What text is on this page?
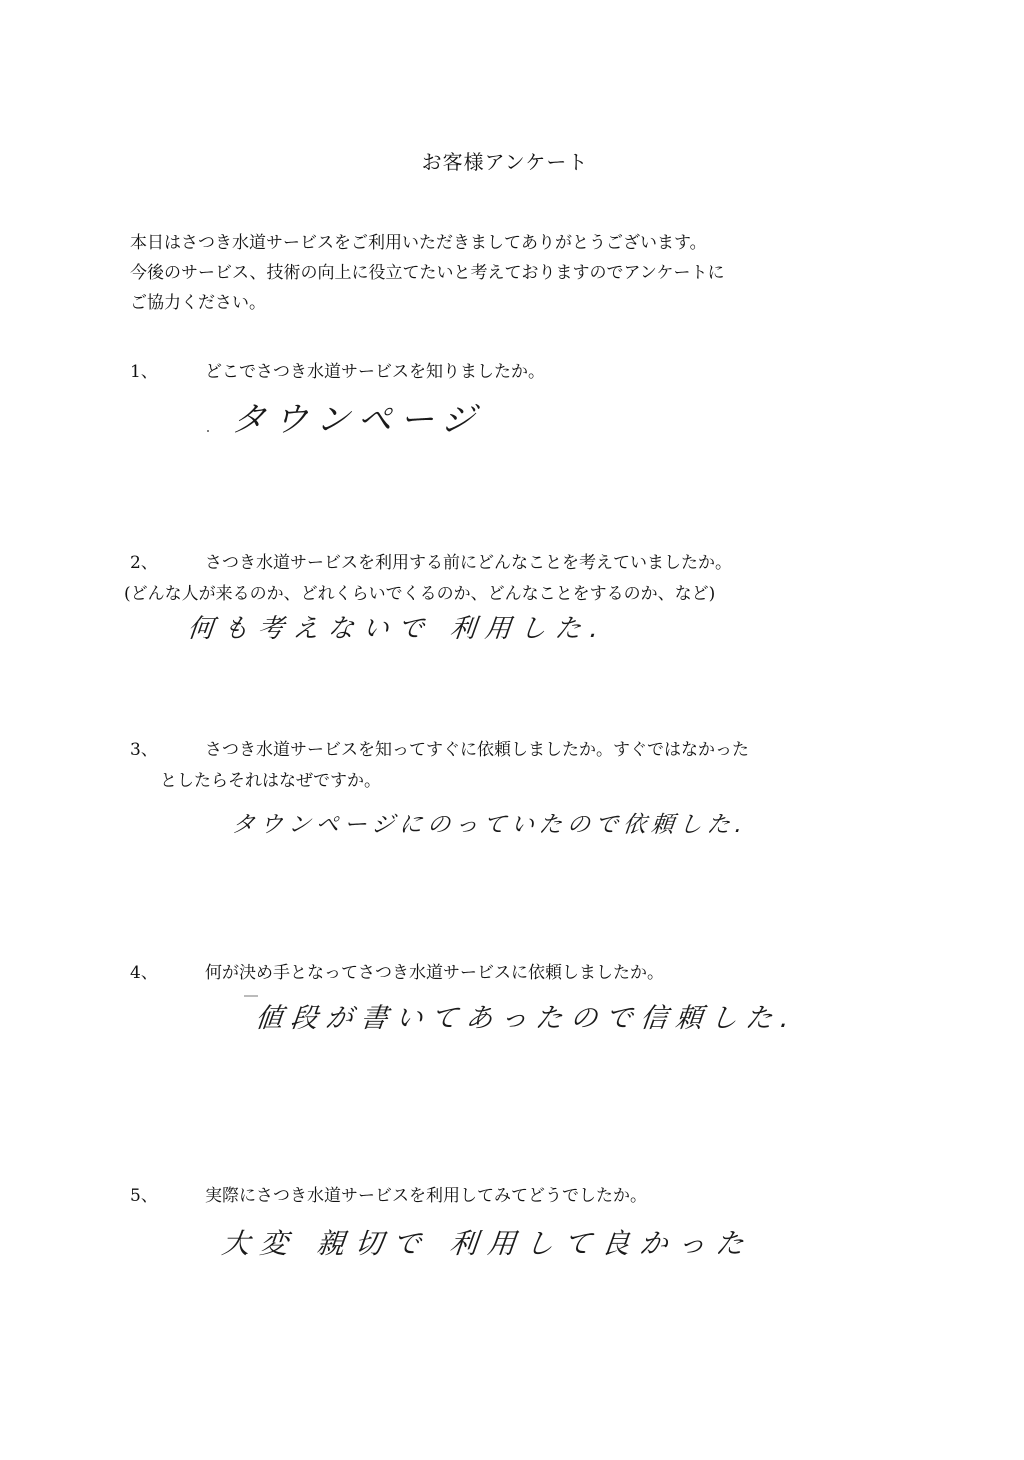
お客様アンケート
本日はさつき水道サービスをご利用いただきましてありがとうございます。
今後のサービス、技術の向上に役立てたいと考えておりますのでアンケートに
ご協力ください。
1、	どこでさつき水道サービスを知りましたか。
タウンページ
2、	さつき水道サービスを利用する前にどんなことを考えていましたか。
(どんな人が来るのか、どれくらいでくるのか、どんなことをするのか、など)
何も考えないで 利用した.
3、	さつき水道サービスを知ってすぐに依頼しましたか。すぐではなかった
としたらそれはなぜですか。
タウンページにのっていたので依頼した.
4、	何が決め手となってさつき水道サービスに依頼しましたか。
値段が書いてあったので信頼した.
5、	実際にさつき水道サービスを利用してみてどうでしたか。
大変 親切で 利用して良かった
